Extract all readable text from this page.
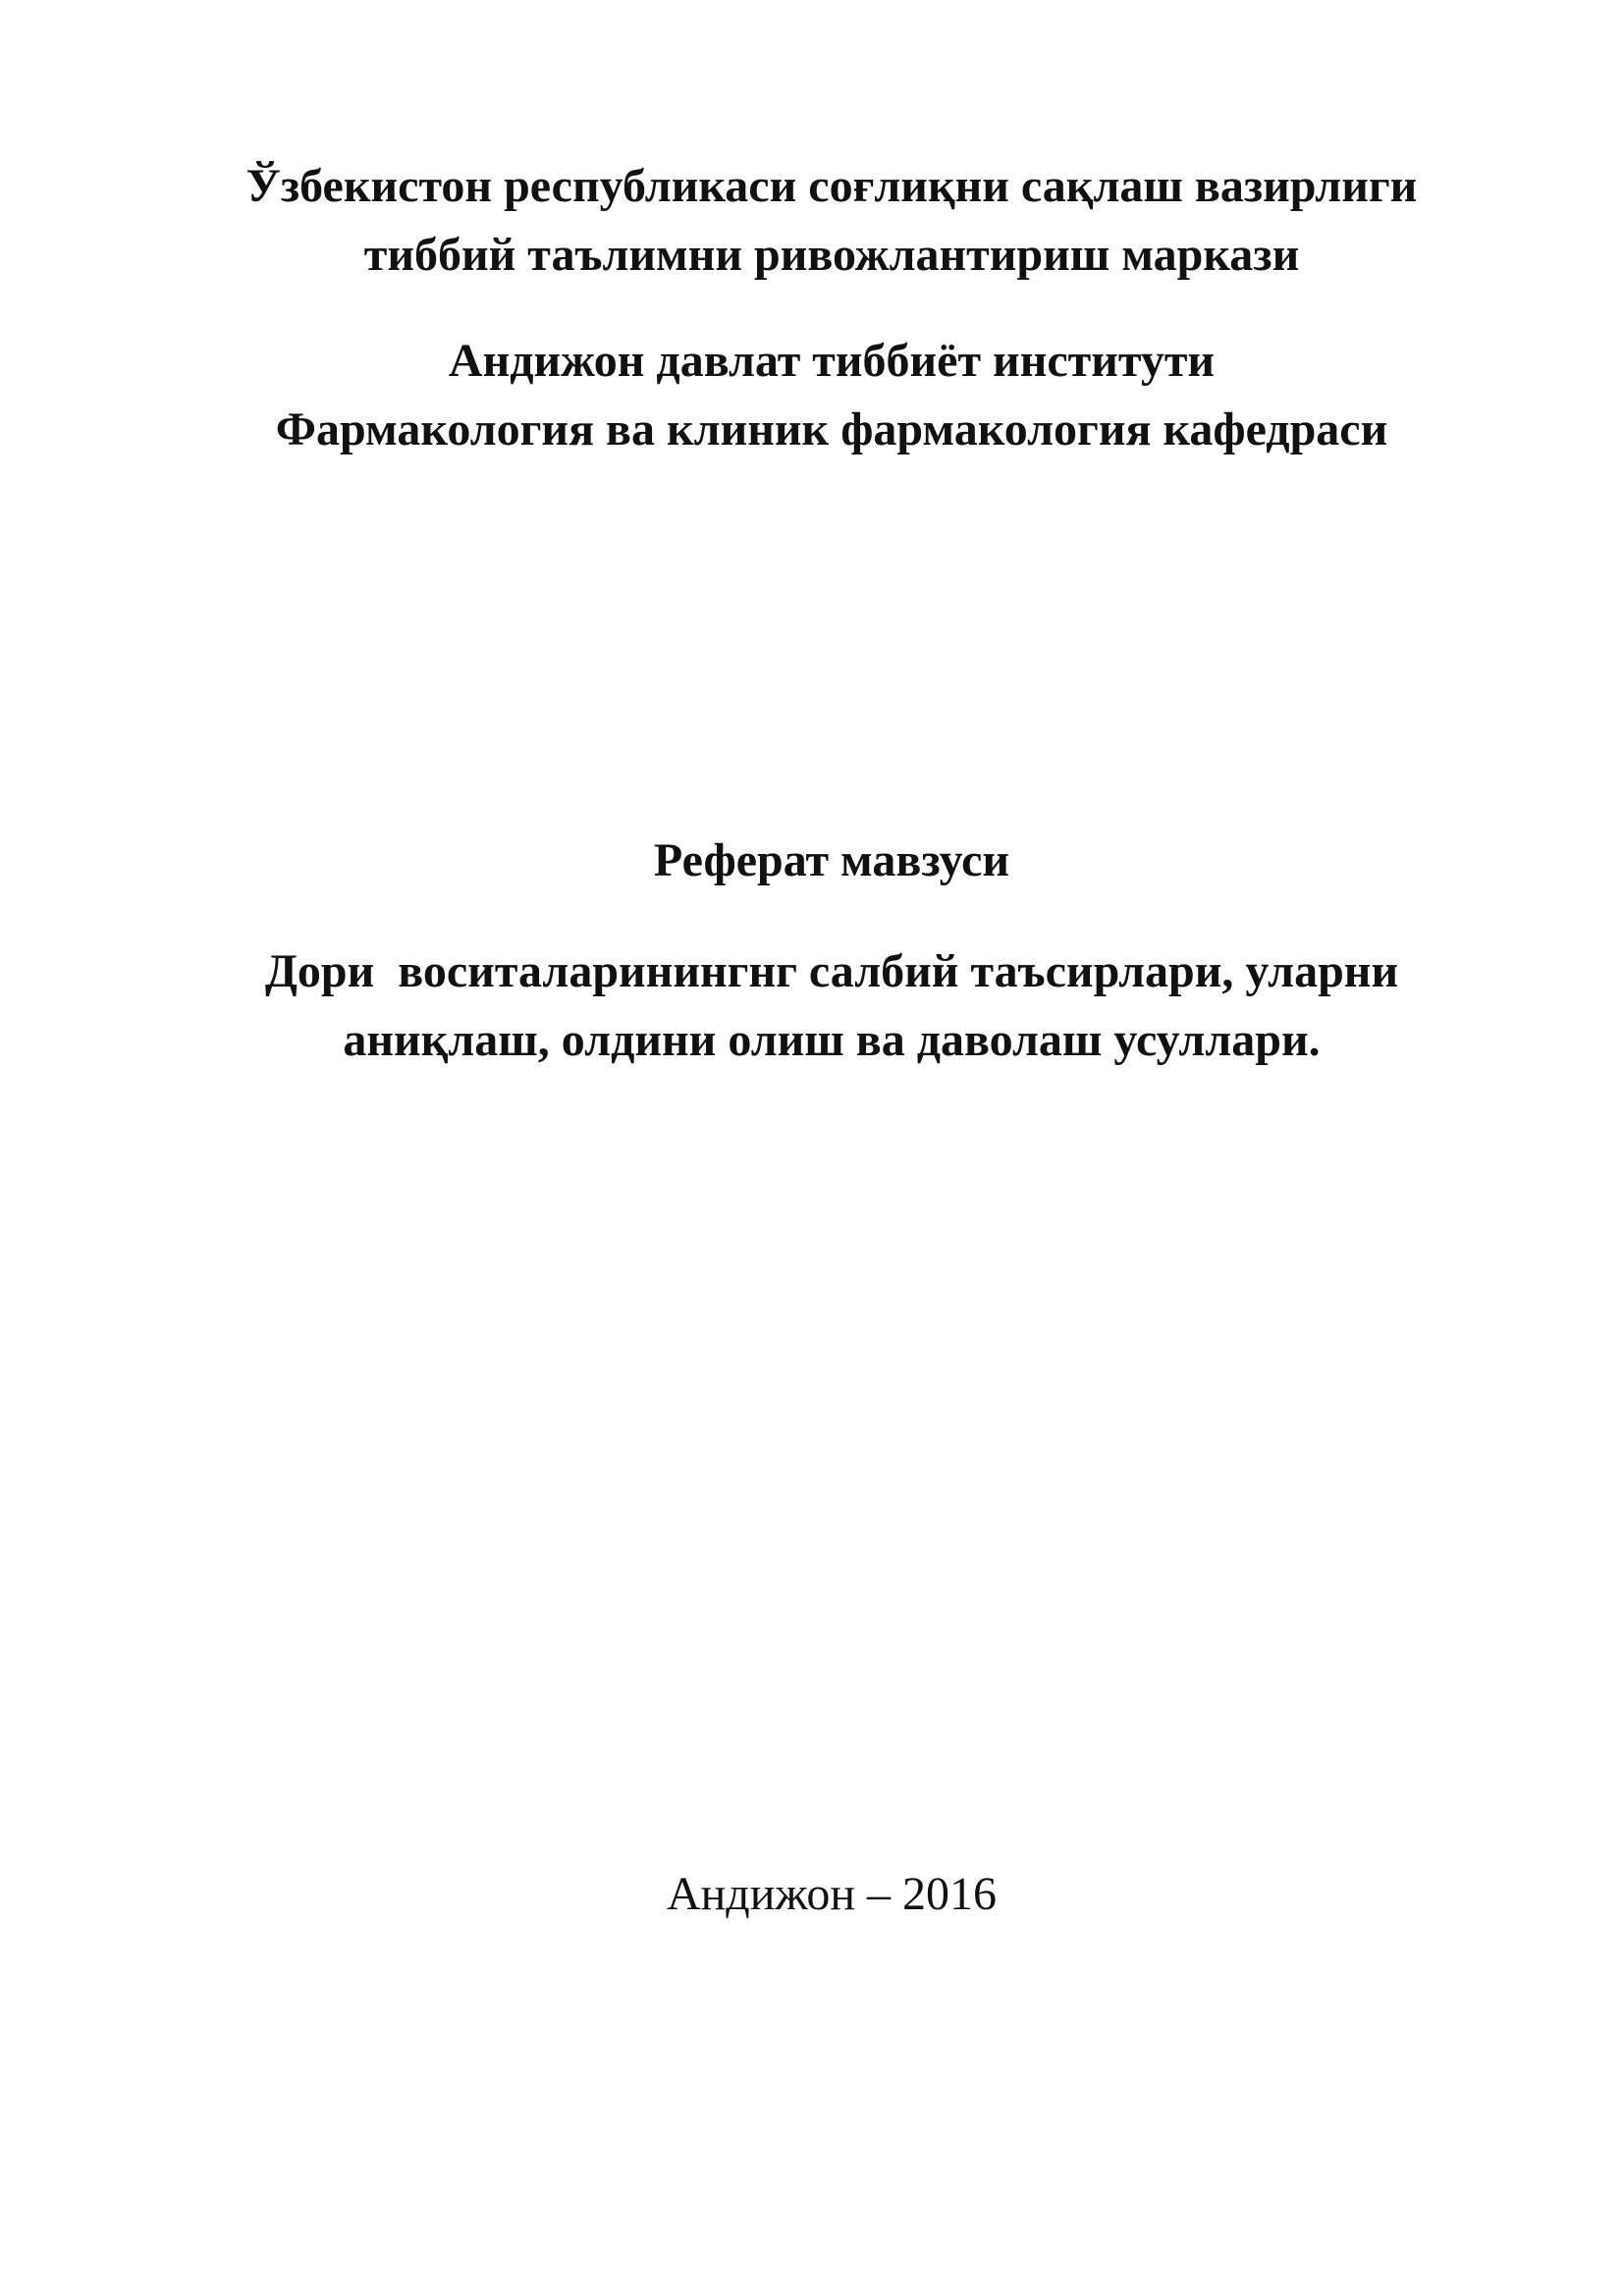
Ўзбекистон республикаси соғлиқни сақлаш вазирлиги
тиббий таълимни ривожлантириш маркази
Андижон давлат тиббиёт институти
Фармакология ва клиник фармакология кафедраси
Реферат мавзуси
Дори  воситаларинингнг салбий таъсирлари, уларни
аниқлаш, олдини олиш ва даволаш усуллари.
Андижон – 2016
